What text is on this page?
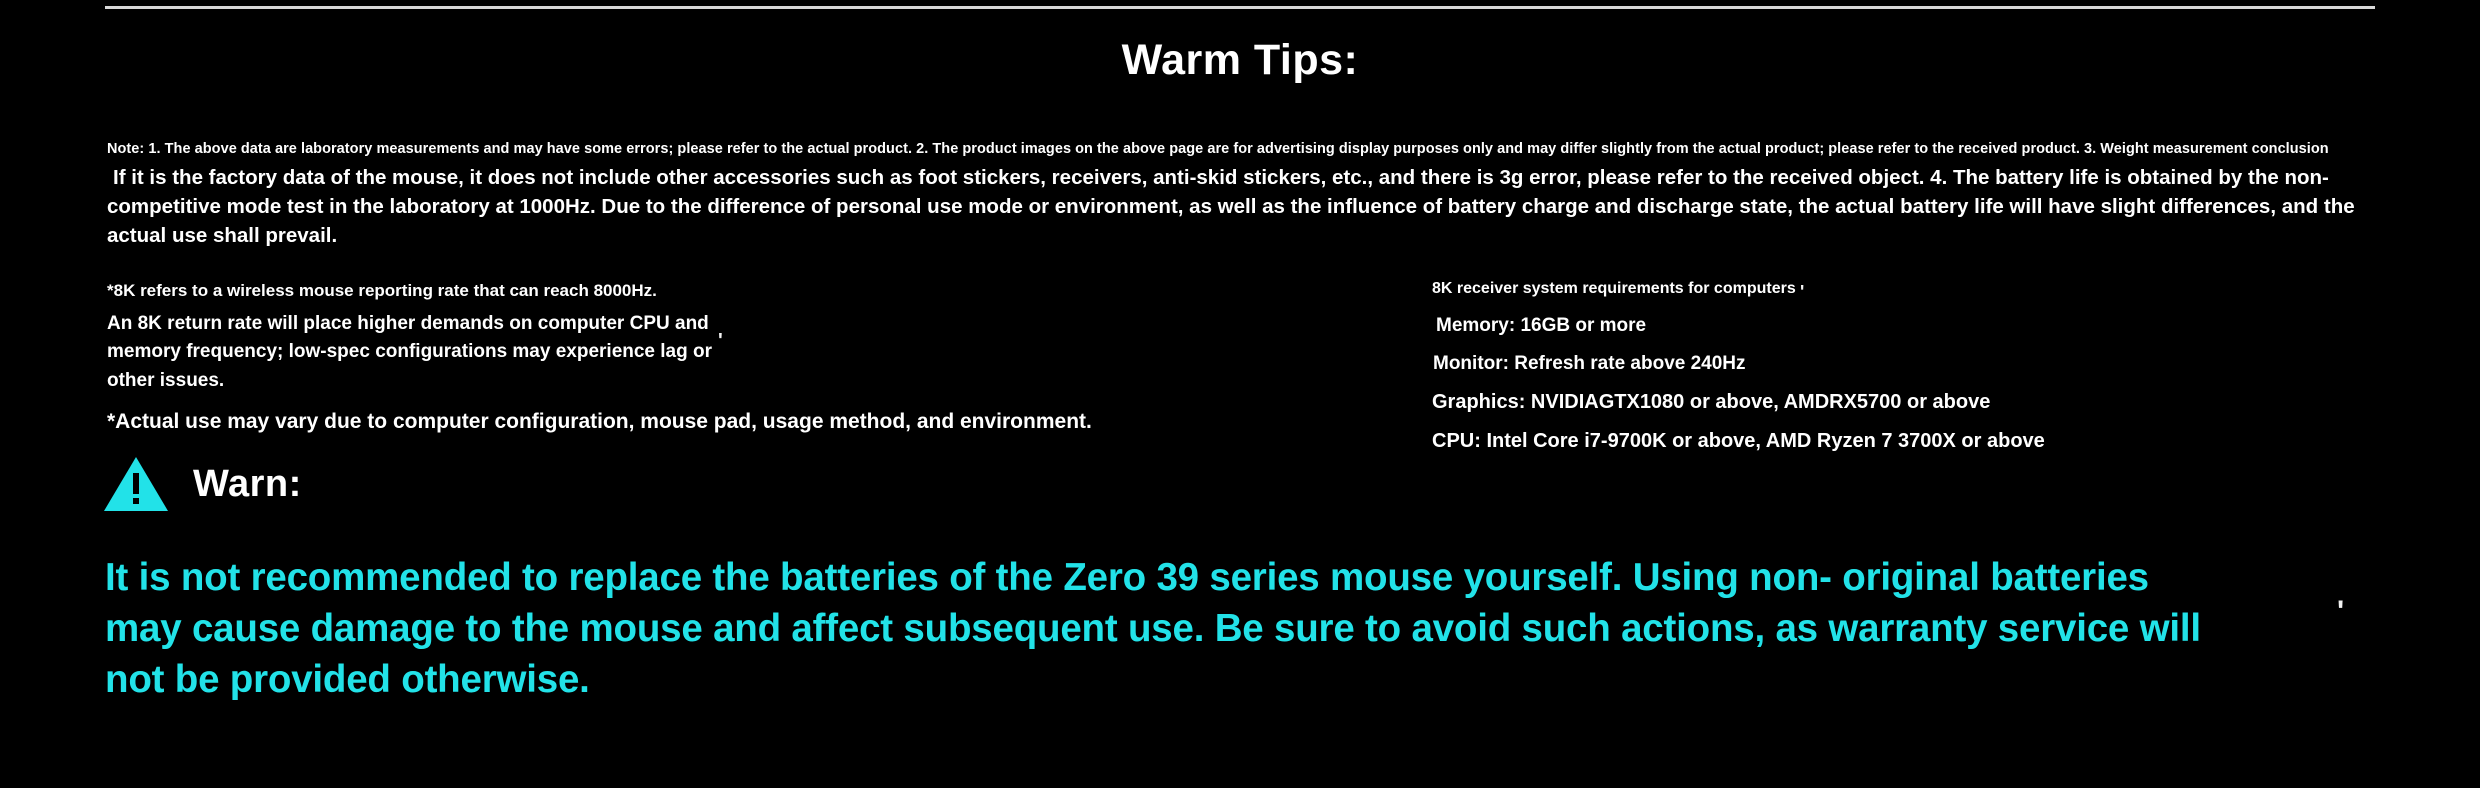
Warm Tips:
Note: 1. The above data are laboratory measurements and may have some errors; please refer to the actual product. 2. The product images on the above page are for advertising display purposes only and may differ slightly from the actual product; please refer to the received product. 3. Weight measurement conclusion
If it is the factory data of the mouse, it does not include other accessories such as foot stickers, receivers, anti-skid stickers, etc., and there is 3g error, please refer to the received object. 4. The battery life is obtained by the non-
competitive mode test in the laboratory at 1000Hz. Due to the difference of personal use mode or environment, as well as the influence of battery charge and discharge state, the actual battery life will have slight differences, and the actual use shall prevail.
*8K refers to a wireless mouse reporting rate that can reach 8000Hz.
An 8K return rate will place higher demands on computer CPU and
memory frequency; low-spec configurations may experience lag or
other issues.
*Actual use may vary due to computer configuration, mouse pad, usage method, and environment.
8K receiver system requirements for computers
Memory: 16GB or more
Monitor: Refresh rate above 240Hz
Graphics: NVIDIAGTX1080 or above, AMDRX5700 or above
CPU: Intel Core i7-9700K or above, AMD Ryzen 7 3700X or above
Warn:
It is not recommended to replace the batteries of the Zero 39 series mouse yourself. Using non- original batteries may cause damage to the mouse and affect subsequent use. Be sure to avoid such actions, as warranty service will not be provided otherwise.
'
'
'
